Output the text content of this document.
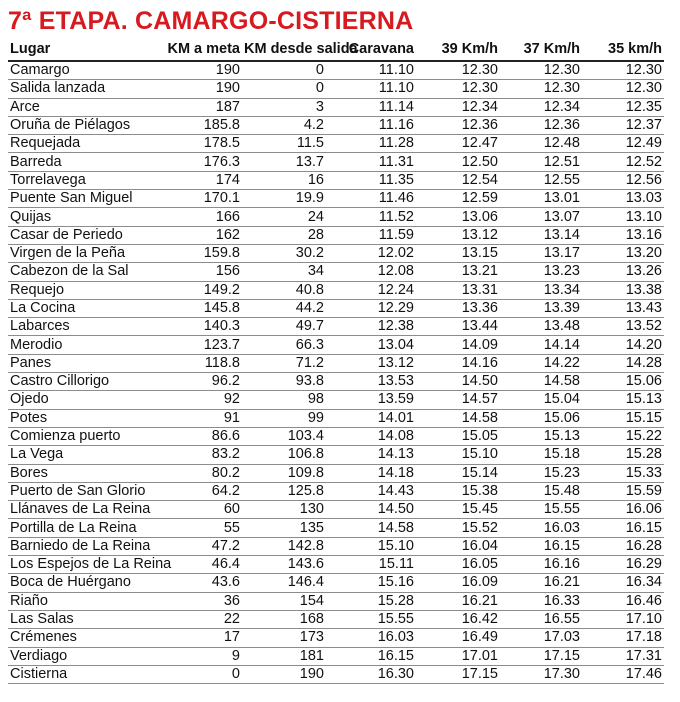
7ª ETAPA. CAMARGO-CISTIERNA
Lugar	KM a meta	KM desde salida	Caravana	39 Km/h	37 Km/h	35 km/h
Camargo	190	0	11.10	12.30	12.30	12.30
Salida lanzada	190	0	11.10	12.30	12.30	12.30
Arce	187	3	11.14	12.34	12.34	12.35
Oruña de Piélagos	185.8	4.2	11.16	12.36	12.36	12.37
Requejada	178.5	11.5	11.28	12.47	12.48	12.49
Barreda	176.3	13.7	11.31	12.50	12.51	12.52
Torrelavega	174	16	11.35	12.54	12.55	12.56
Puente San Miguel	170.1	19.9	11.46	12.59	13.01	13.03
Quijas	166	24	11.52	13.06	13.07	13.10
Casar de Periedo	162	28	11.59	13.12	13.14	13.16
Virgen de la Peña	159.8	30.2	12.02	13.15	13.17	13.20
Cabezon de la Sal	156	34	12.08	13.21	13.23	13.26
Requejo	149.2	40.8	12.24	13.31	13.34	13.38
La Cocina	145.8	44.2	12.29	13.36	13.39	13.43
Labarces	140.3	49.7	12.38	13.44	13.48	13.52
Merodio	123.7	66.3	13.04	14.09	14.14	14.20
Panes	118.8	71.2	13.12	14.16	14.22	14.28
Castro Cillorigo	96.2	93.8	13.53	14.50	14.58	15.06
Ojedo	92	98	13.59	14.57	15.04	15.13
Potes	91	99	14.01	14.58	15.06	15.15
Comienza puerto	86.6	103.4	14.08	15.05	15.13	15.22
La Vega	83.2	106.8	14.13	15.10	15.18	15.28
Bores	80.2	109.8	14.18	15.14	15.23	15.33
Puerto de San Glorio	64.2	125.8	14.43	15.38	15.48	15.59
Llánaves de La Reina	60	130	14.50	15.45	15.55	16.06
Portilla de La Reina	55	135	14.58	15.52	16.03	16.15
Barniedo de La Reina	47.2	142.8	15.10	16.04	16.15	16.28
Los Espejos de La Reina	46.4	143.6	15.11	16.05	16.16	16.29
Boca de Huérgano	43.6	146.4	15.16	16.09	16.21	16.34
Riaño	36	154	15.28	16.21	16.33	16.46
Las Salas	22	168	15.55	16.42	16.55	17.10
Crémenes	17	173	16.03	16.49	17.03	17.18
Verdiago	9	181	16.15	17.01	17.15	17.31
Cistierna	0	190	16.30	17.15	17.30	17.46
